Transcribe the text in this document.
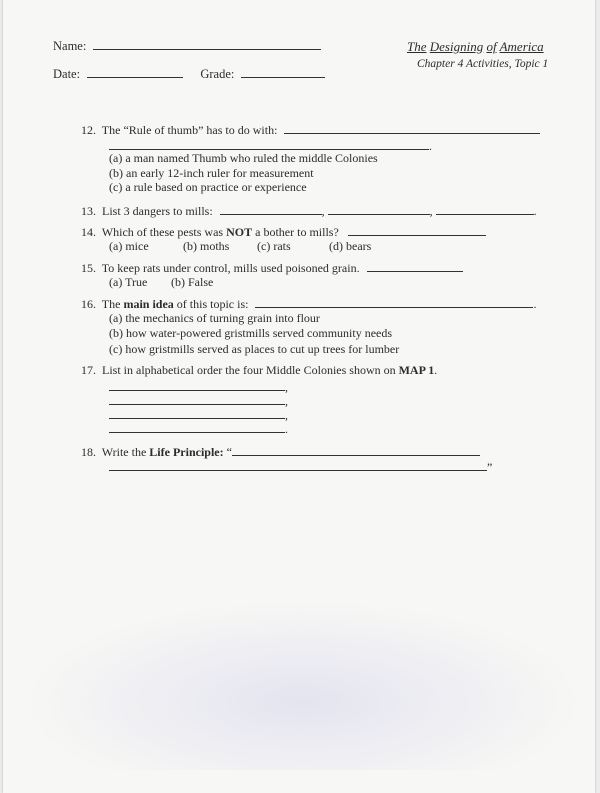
Name:
Date:	Grade:
The Designing of America
Chapter 4 Activities, Topic 1
12. The “Rule of thumb” has to do with:
.
(a) a man named Thumb who ruled the middle Colonies
(b) an early 12-inch ruler for measurement
(c) a rule based on practice or experience
13. List 3 dangers to mills:	,	,	.
14. Which of these pests was NOT a bother to mills?
(a) mice	(b) moths (c) rats	(d) bears
15. To keep rats under control, mills used poisoned grain.
(a) True (b) False
16. The main idea of this topic is:	.
(a) the mechanics of turning grain into flour
(b) how water-powered gristmills served community needs
(c) how gristmills served as places to cut up trees for lumber
17. List in alphabetical order the four Middle Colonies shown on MAP 1.
,
,
,
.
18. Write the Life Principle: “
”
